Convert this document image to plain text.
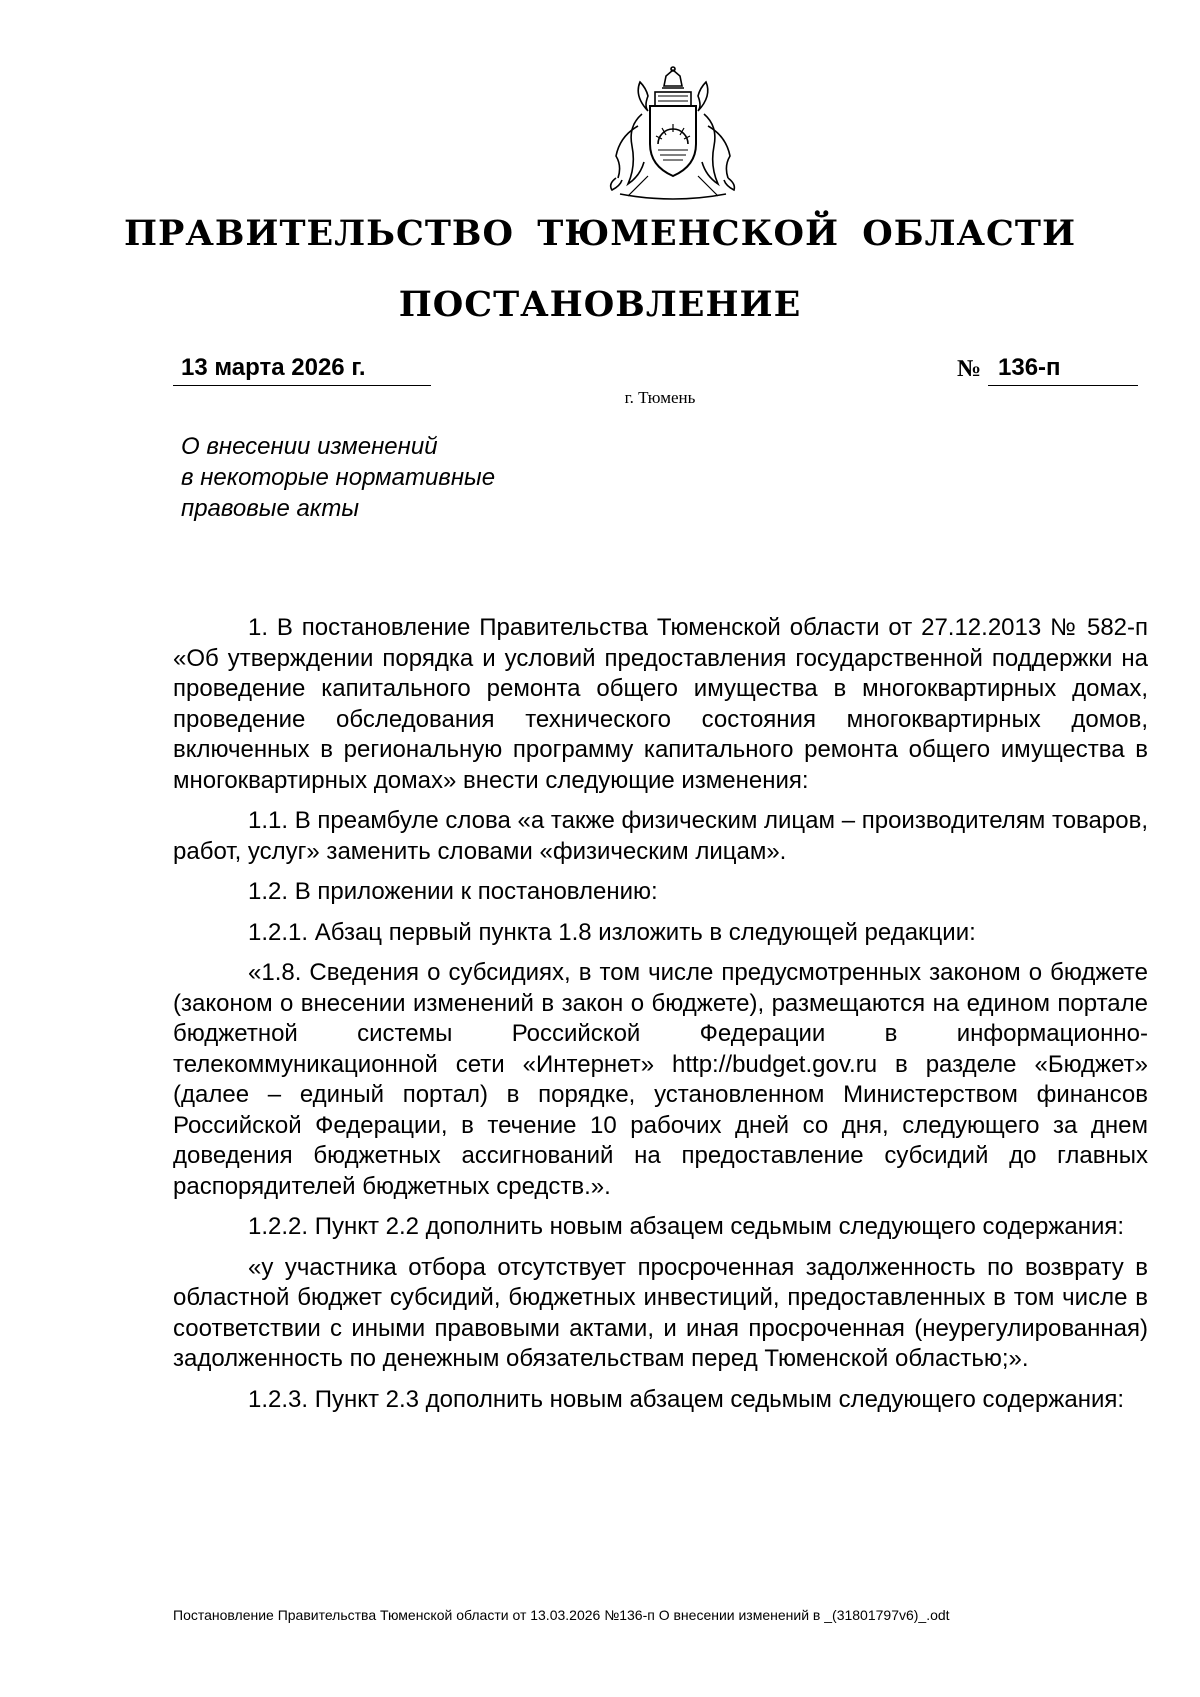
ПРАВИТЕЛЬСТВО ТЮМЕНСКОЙ ОБЛАСТИ
ПОСТАНОВЛЕНИЕ
13 марта 2026 г.	№ 136-п
г. Тюмень
О внесении изменений
в некоторые нормативные
правовые акты

1. В постановление Правительства Тюменской области от 27.12.2013 № 582-п «Об утверждении порядка и условий предоставления государственной поддержки на проведение капитального ремонта общего имущества в многоквартирных домах, проведение обследования технического состояния многоквартирных домов, включенных в региональную программу капитального ремонта общего имущества в многоквартирных домах» внести следующие изменения:

1.1. В преамбуле слова «а также физическим лицам – производителям товаров, работ, услуг» заменить словами «физическим лицам».

1.2. В приложении к постановлению:

1.2.1. Абзац первый пункта 1.8 изложить в следующей редакции:

«1.8. Сведения о субсидиях, в том числе предусмотренных законом о бюджете (законом о внесении изменений в закон о бюджете), размещаются на едином портале бюджетной системы Российской Федерации в информационно-телекоммуникационной сети «Интернет» http://budget.gov.ru в разделе «Бюджет» (далее – единый портал) в порядке, установленном Министерством финансов Российской Федерации, в течение 10 рабочих дней со дня, следующего за днем доведения бюджетных ассигнований на предоставление субсидий до главных распорядителей бюджетных средств.».

1.2.2. Пункт 2.2 дополнить новым абзацем седьмым следующего содержания:

«у участника отбора отсутствует просроченная задолженность по возврату в областной бюджет субсидий, бюджетных инвестиций, предоставленных в том числе в соответствии с иными правовыми актами, и иная просроченная (неурегулированная) задолженность по денежным обязательствам перед Тюменской областью;».

1.2.3. Пункт 2.3 дополнить новым абзацем седьмым следующего содержания:

Постановление Правительства Тюменской области от 13.03.2026 №136-п О внесении изменений в _(31801797v6)_.odt
